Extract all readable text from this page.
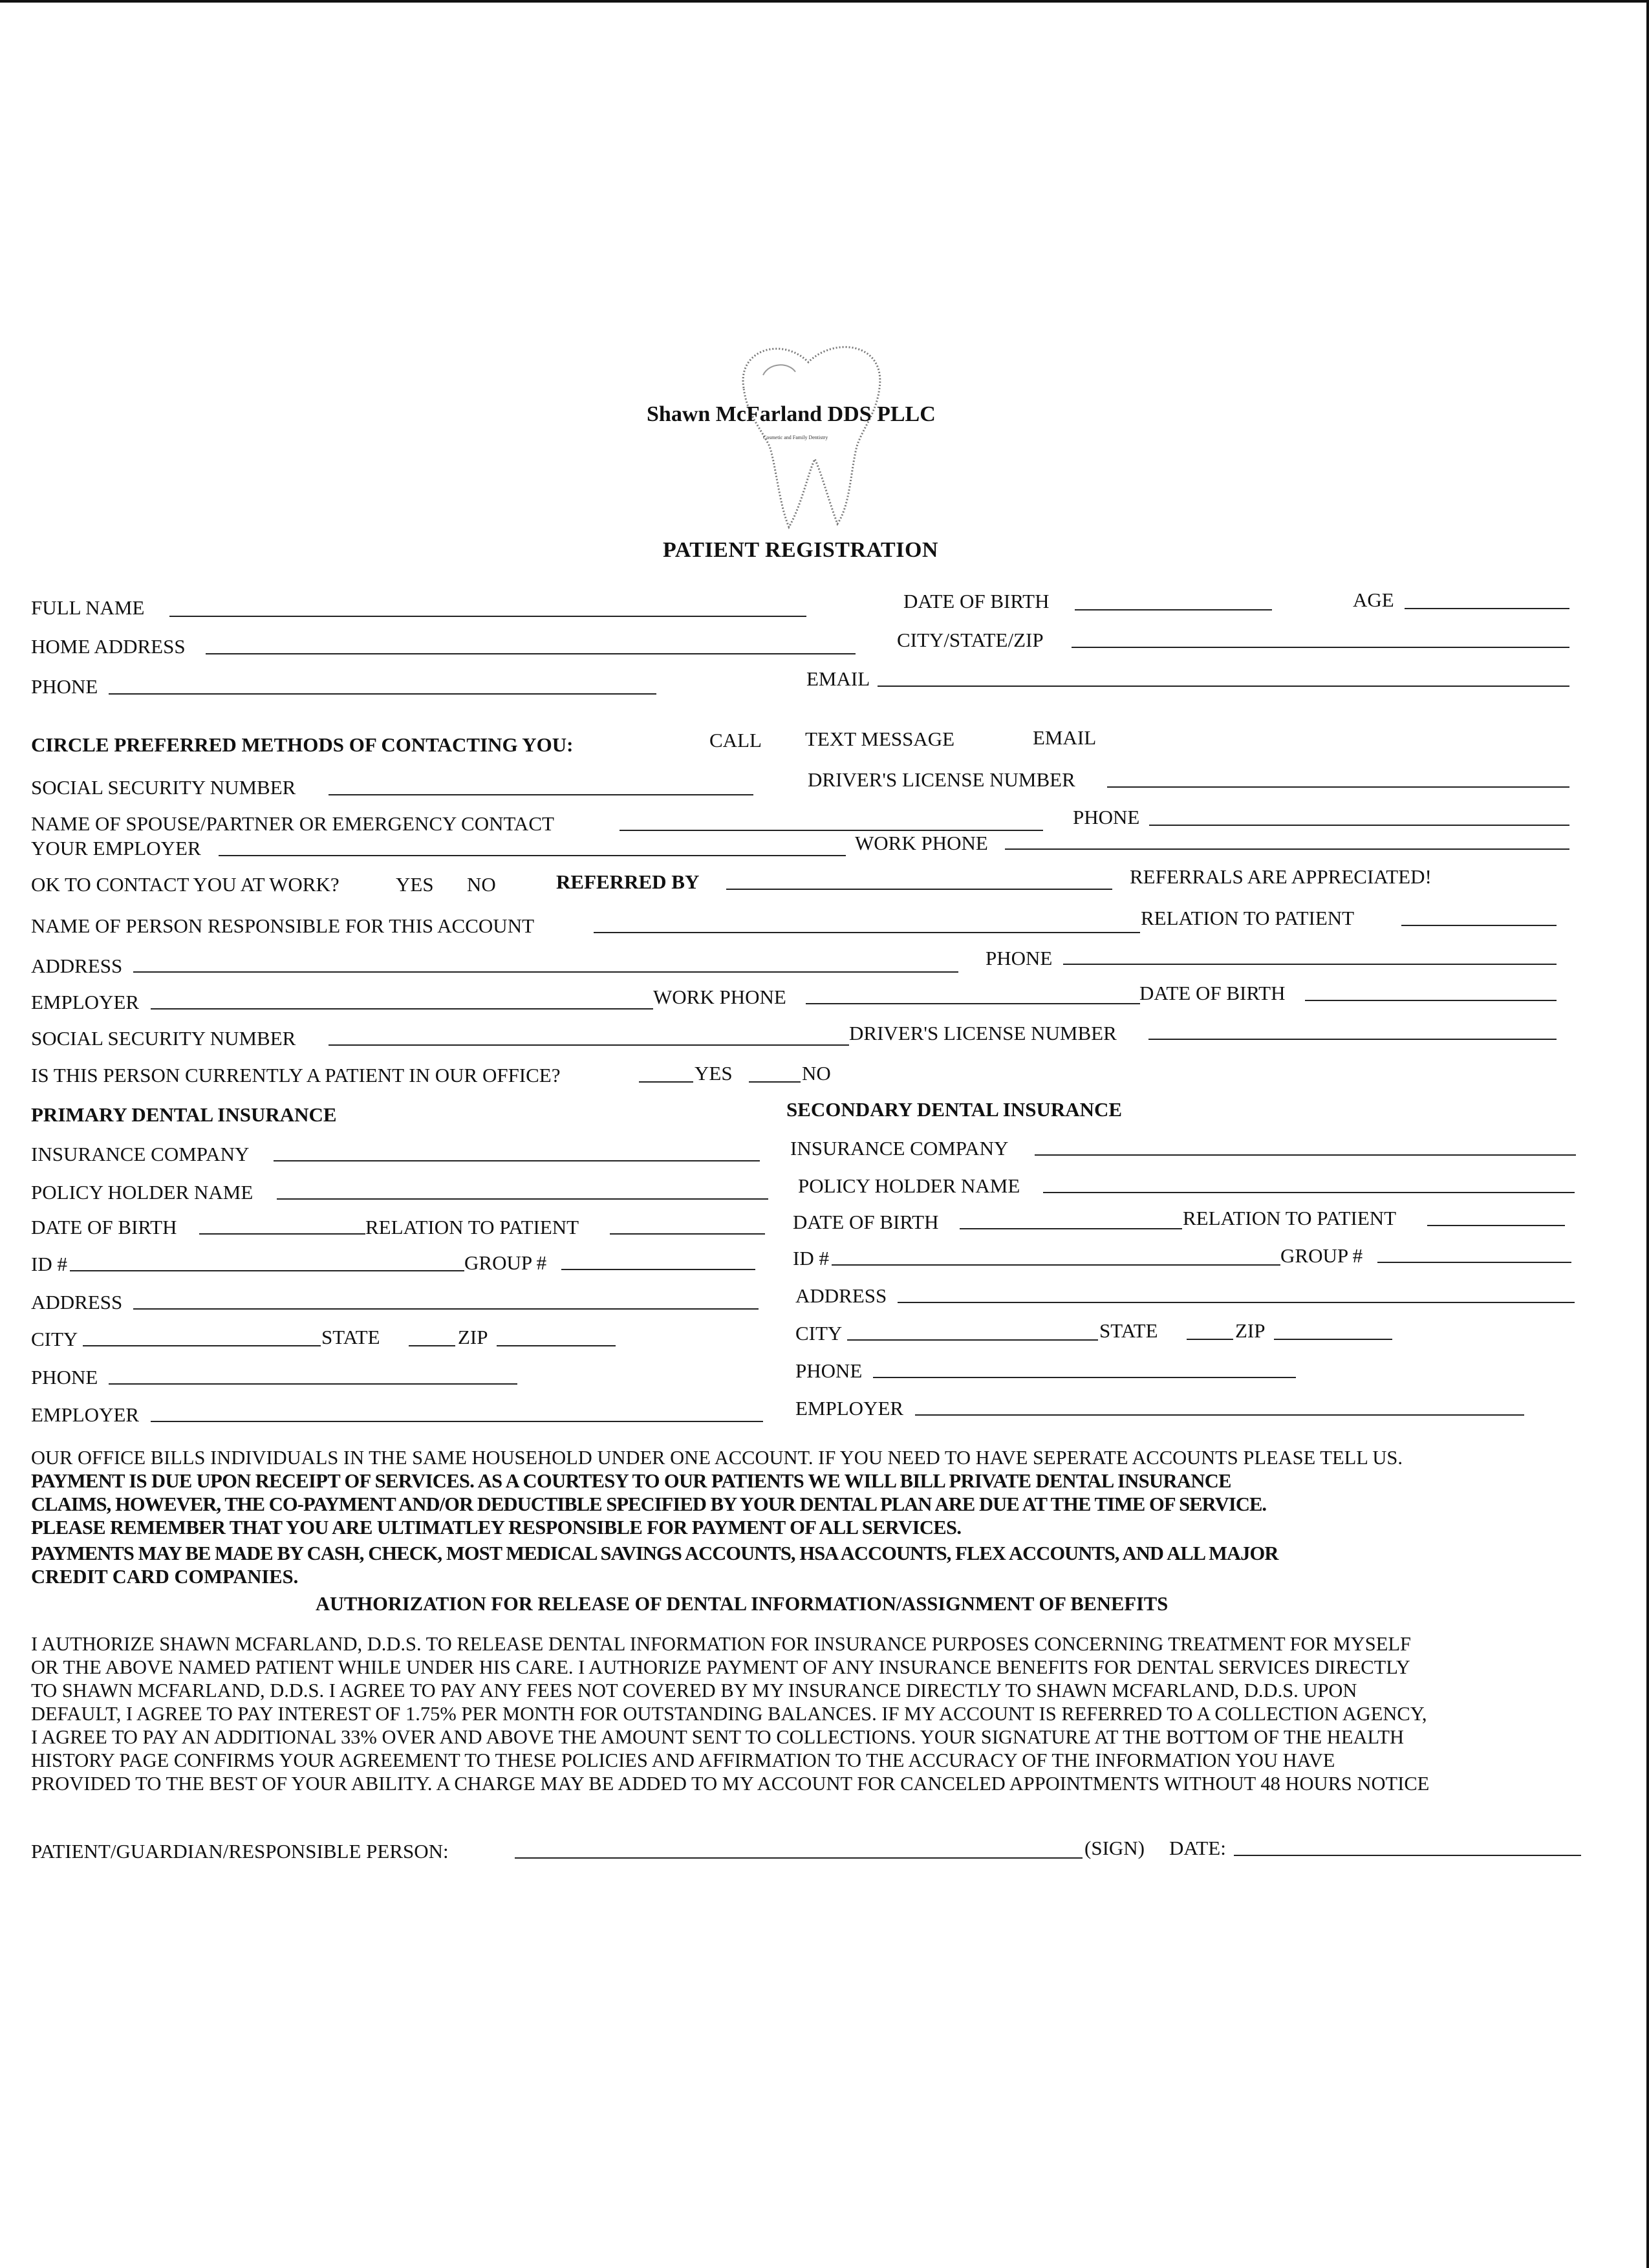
Shawn McFarland DDS PLLC
Cosmetic and Family Dentistry
PATIENT REGISTRATION
FULL NAME	DATE OF BIRTH	AGE
HOME ADDRESS	CITY/STATE/ZIP
PHONE	EMAIL
CIRCLE PREFERRED METHODS OF CONTACTING YOU:	CALL TEXT MESSAGE	EMAIL
SOCIAL SECURITY NUMBER	DRIVER'S LICENSE NUMBER
NAME OF SPOUSE/PARTNER OR EMERGENCY CONTACT	PHONE
YOUR EMPLOYER	WORK PHONE
OK TO CONTACT YOU AT WORK?	YES NO	REFERRED BY	REFERRALS ARE APPRECIATED!
NAME OF PERSON RESPONSIBLE FOR THIS ACCOUNT	RELATION TO PATIENT
ADDRESS	PHONE
EMPLOYER	WORK PHONE	DATE OF BIRTH
SOCIAL SECURITY NUMBER	DRIVER'S LICENSE NUMBER
IS THIS PERSON CURRENTLY A PATIENT IN OUR OFFICE?	YES	NO
PRIMARY DENTAL INSURANCE
INSURANCE COMPANY
POLICY HOLDER NAME
DATE OF BIRTH	RELATION TO PATIENT
ID #	GROUP #
ADDRESS
CITY	STATE	ZIP
PHONE
EMPLOYER
SECONDARY DENTAL INSURANCE
INSURANCE COMPANY
POLICY HOLDER NAME
DATE OF BIRTH	RELATION TO PATIENT
ID #	GROUP #
ADDRESS
CITY	STATE	ZIP
PHONE
EMPLOYER
OUR OFFICE BILLS INDIVIDUALS IN THE SAME HOUSEHOLD UNDER ONE ACCOUNT. IF YOU NEED TO HAVE SEPERATE ACCOUNTS PLEASE TELL US.
PAYMENT IS DUE UPON RECEIPT OF SERVICES. AS A COURTESY TO OUR PATIENTS WE WILL BILL PRIVATE DENTAL INSURANCE
CLAIMS, HOWEVER, THE CO-PAYMENT AND/OR DEDUCTIBLE SPECIFIED BY YOUR DENTAL PLAN ARE DUE AT THE TIME OF SERVICE.
PLEASE REMEMBER THAT YOU ARE ULTIMATLEY RESPONSIBLE FOR PAYMENT OF ALL SERVICES.
PAYMENTS MAY BE MADE BY CASH, CHECK, MOST MEDICAL SAVINGS ACCOUNTS, HSA ACCOUNTS, FLEX ACCOUNTS, AND ALL MAJOR
CREDIT CARD COMPANIES.
AUTHORIZATION FOR RELEASE OF DENTAL INFORMATION/ASSIGNMENT OF BENEFITS
I AUTHORIZE SHAWN MCFARLAND, D.D.S. TO RELEASE DENTAL INFORMATION FOR INSURANCE PURPOSES CONCERNING TREATMENT FOR MYSELF
OR THE ABOVE NAMED PATIENT WHILE UNDER HIS CARE. I AUTHORIZE PAYMENT OF ANY INSURANCE BENEFITS FOR DENTAL SERVICES DIRECTLY
TO SHAWN MCFARLAND, D.D.S. I AGREE TO PAY ANY FEES NOT COVERED BY MY INSURANCE DIRECTLY TO SHAWN MCFARLAND, D.D.S. UPON
DEFAULT, I AGREE TO PAY INTEREST OF 1.75% PER MONTH FOR OUTSTANDING BALANCES. IF MY ACCOUNT IS REFERRED TO A COLLECTION AGENCY,
I AGREE TO PAY AN ADDITIONAL 33% OVER AND ABOVE THE AMOUNT SENT TO COLLECTIONS. YOUR SIGNATURE AT THE BOTTOM OF THE HEALTH
HISTORY PAGE CONFIRMS YOUR AGREEMENT TO THESE POLICIES AND AFFIRMATION TO THE ACCURACY OF THE INFORMATION YOU HAVE
PROVIDED TO THE BEST OF YOUR ABILITY. A CHARGE MAY BE ADDED TO MY ACCOUNT FOR CANCELED APPOINTMENTS WITHOUT 48 HOURS NOTICE
PATIENT/GUARDIAN/RESPONSIBLE PERSON:	(SIGN) DATE:
